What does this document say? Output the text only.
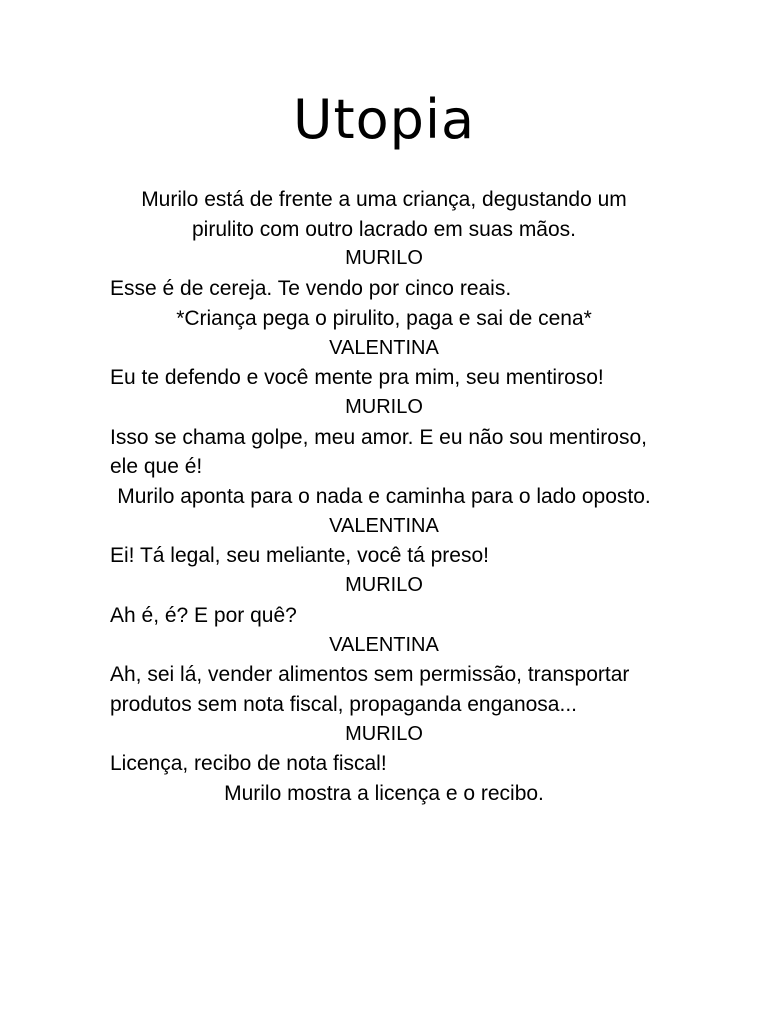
Utopia

Murilo está de frente a uma criança, degustando um pirulito com outro lacrado em suas mãos.

MURILO

Esse é de cereja. Te vendo por cinco reais.

*Criança pega o pirulito, paga e sai de cena*

VALENTINA

Eu te defendo e você mente pra mim, seu mentiroso!

MURILO

Isso se chama golpe, meu amor. E eu não sou mentiroso, ele que é!

Murilo aponta para o nada e caminha para o lado oposto.

VALENTINA

Ei! Tá legal, seu meliante, você tá preso!

MURILO

Ah é, é? E por quê?

VALENTINA

Ah, sei lá, vender alimentos sem permissão, transportar produtos sem nota fiscal, propaganda enganosa...

MURILO

Licença, recibo de nota fiscal!

Murilo mostra a licença e o recibo.
